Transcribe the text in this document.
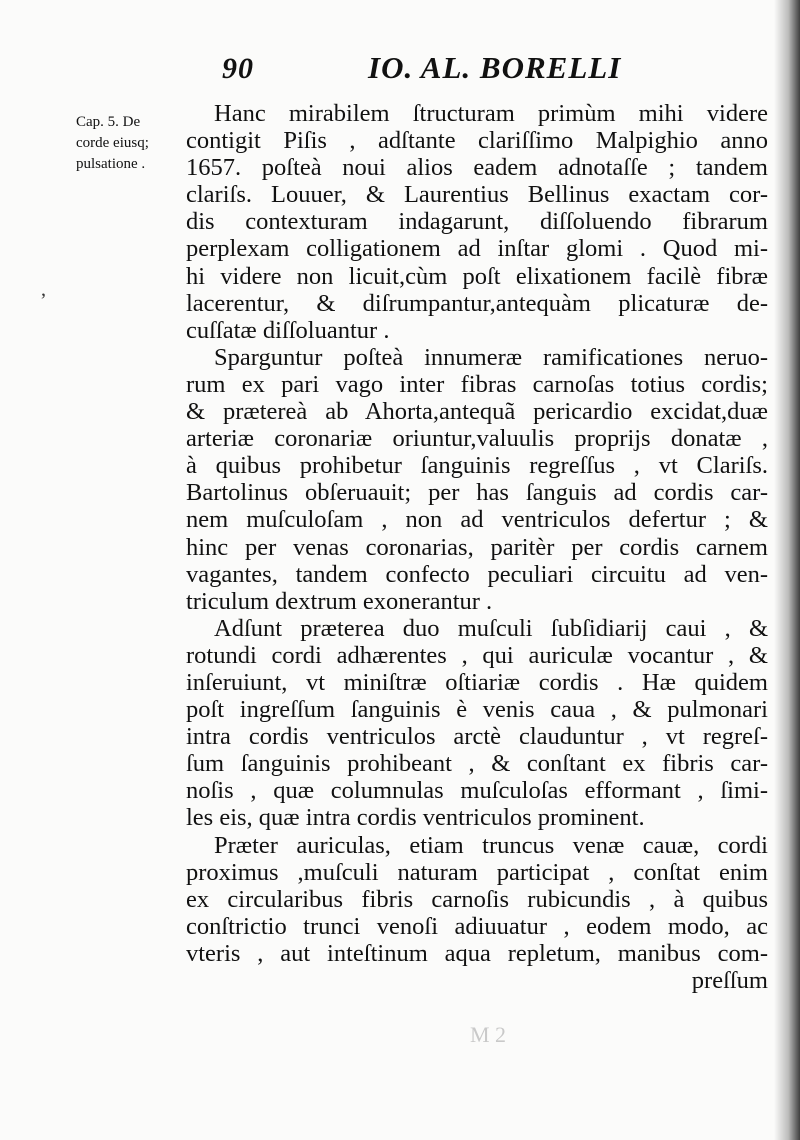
90	IO. AL. BORELLI
Cap. 5. De
corde eiusq;
pulsatione .
ʼ
Hanc mirabilem ſtructuram primùm mihi videre
contigit Piſis , adſtante clariſſimo Malpighio anno
1657. poſteà noui alios eadem adnotaſſe ; tandem
clariſs. Louuer, & Laurentius Bellinus exactam cor-
dis contexturam indagarunt, diſſoluendo fibrarum
perplexam colligationem ad inſtar glomi . Quod mi-
hi videre non licuit,cùm poſt elixationem facilè fibræ
lacerentur, & diſrumpantur,antequàm plicaturæ de-
cuſſatæ diſſoluantur .
Sparguntur poſteà innumeræ ramificationes neruo-
rum ex pari vago inter fibras carnoſas totius cordis;
& prætereà ab Ahorta,antequã pericardio excidat,duæ
arteriæ coronariæ oriuntur,valuulis proprijs donatæ ,
à quibus prohibetur ſanguinis regreſſus , vt Clariſs.
Bartolinus obſeruauit; per has ſanguis ad cordis car-
nem muſculoſam , non ad ventriculos defertur ; &
hinc per venas coronarias, paritèr per cordis carnem
vagantes, tandem confecto peculiari circuitu ad ven-
triculum dextrum exonerantur .
Adſunt præterea duo muſculi ſubſidiarij caui , &
rotundi cordi adhærentes , qui auriculæ vocantur , &
inſeruiunt, vt miniſtræ oſtiariæ cordis . Hæ quidem
poſt ingreſſum ſanguinis è venis caua , & pulmonari
intra cordis ventriculos arctè clauduntur , vt regreſ-
ſum ſanguinis prohibeant , & conſtant ex fibris car-
noſis , quæ columnulas muſculoſas efformant , ſimi-
les eis, quæ intra cordis ventriculos prominent.
Præter auriculas, etiam truncus venæ cauæ, cordi
proximus ,muſculi naturam participat , conſtat enim
ex circularibus fibris carnoſis rubicundis , à quibus
conſtrictio trunci venoſi adiuuatur , eodem modo, ac
vteris , aut inteſtinum aqua repletum, manibus com-
preſſum
M 2
